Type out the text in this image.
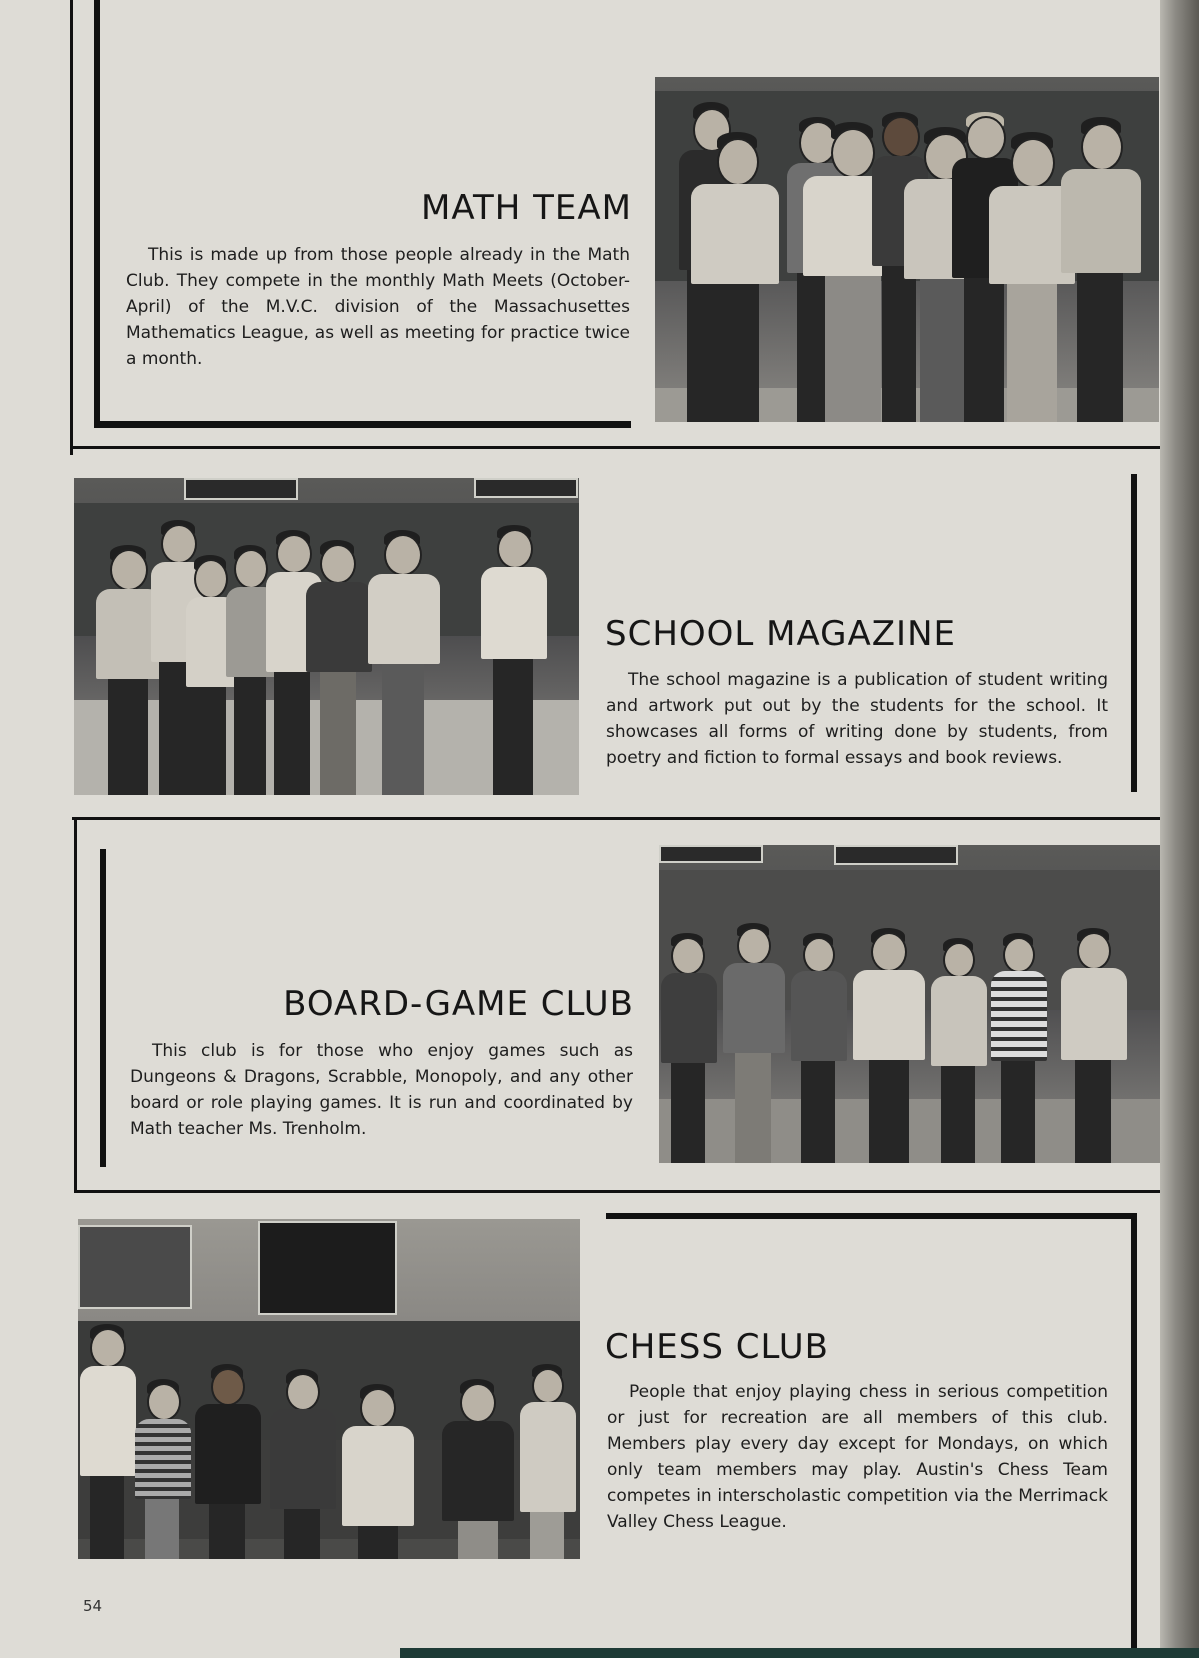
MATH TEAM
This is made up from those people already in the Math Club. They compete in the monthly Math Meets (October-April) of the M.V.C. division of the Massachusettes Mathematics League, as well as meeting for practice twice a month.
SCHOOL MAGAZINE
The school magazine is a publication of student writing and artwork put out by the students for the school. It showcases all forms of writing done by students, from poetry and fiction to formal essays and book reviews.
BOARD-GAME CLUB
This club is for those who enjoy games such as Dungeons & Dragons, Scrabble, Monopoly, and any other board or role playing games. It is run and coordinated by Math teacher Ms. Trenholm.
CHESS CLUB
People that enjoy playing chess in serious competition or just for recreation are all members of this club. Members play every day except for Mondays, on which only team members may play. Austin's Chess Team competes in interscholastic competition via the Merrimack Valley Chess League.
54
